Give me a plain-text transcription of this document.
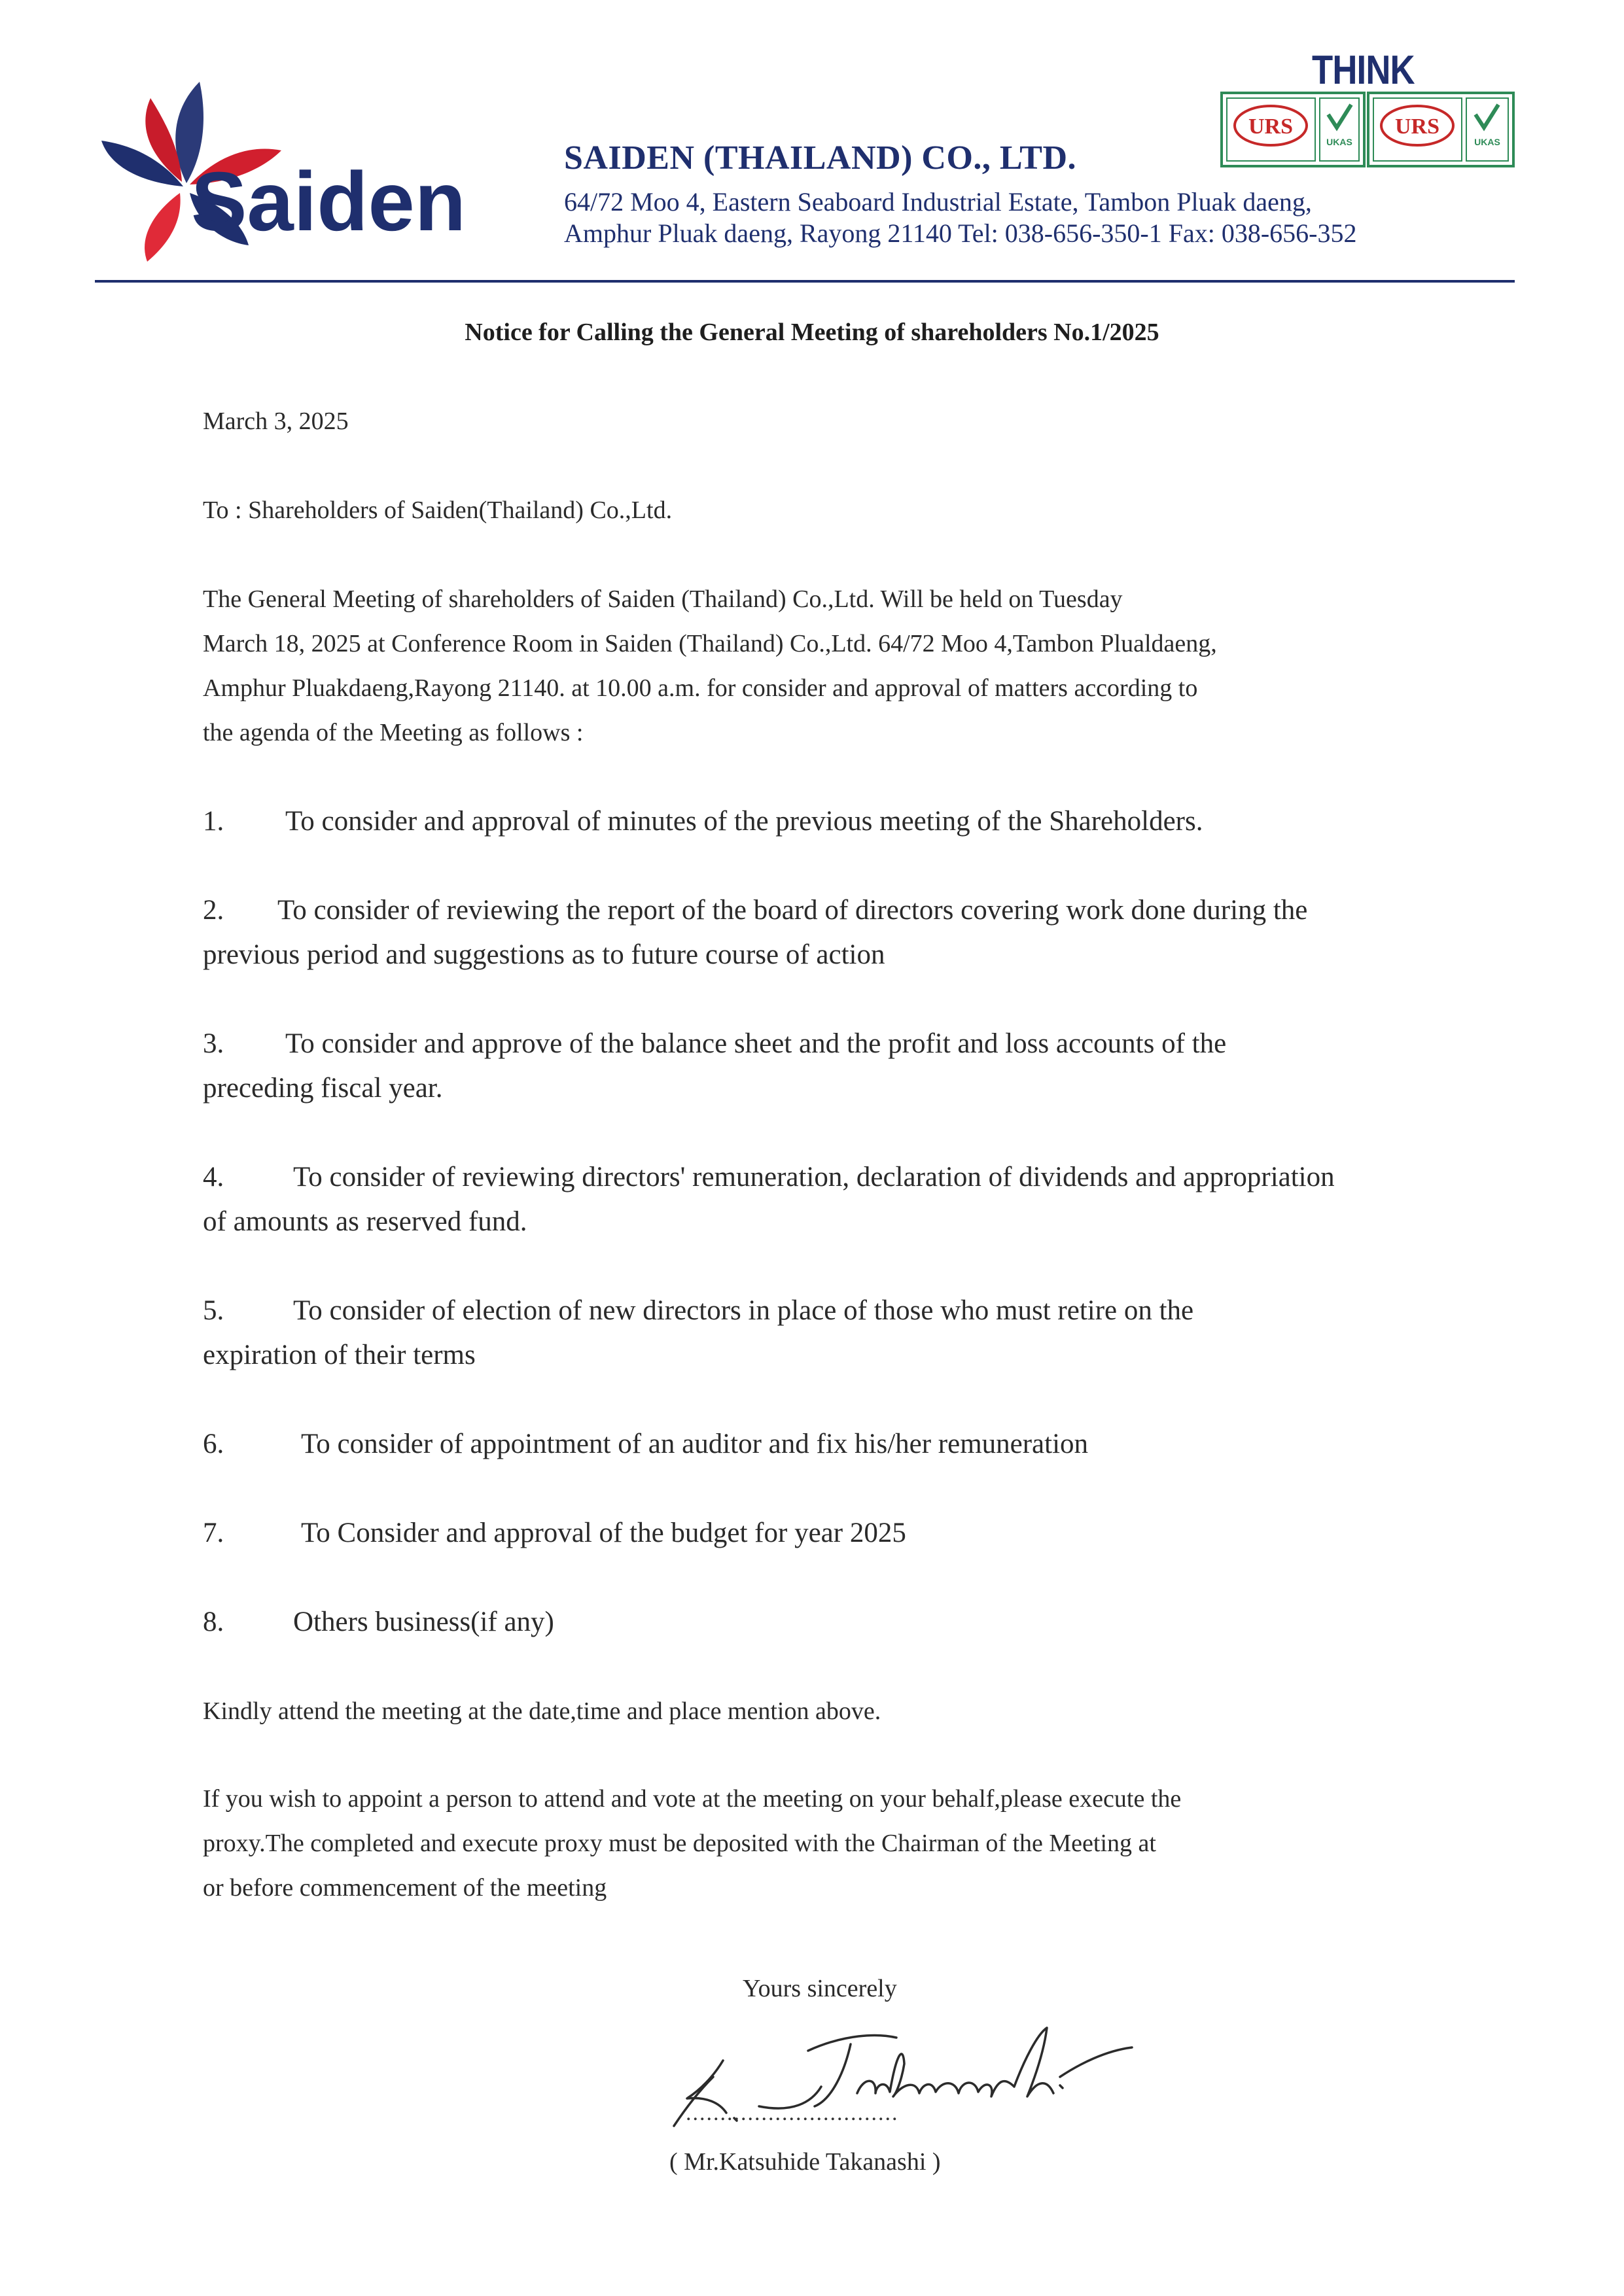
Saiden	SAIDEN (THAILAND) CO., LTD.
64/72 Moo 4, Eastern Seaboard Industrial Estate, Tambon Pluak daeng,
Amphur Pluak daeng, Rayong 21140 Tel: 038-656-350-1 Fax: 038-656-352
THINK
URS
UKAS
URS
UKAS
Notice for Calling the General Meeting of shareholders No.1/2025
March 3, 2025
To : Shareholders of Saiden(Thailand) Co.,Ltd.
The General Meeting of shareholders of Saiden (Thailand) Co.,Ltd. Will be held on Tuesday
March 18, 2025 at Conference Room in Saiden (Thailand) Co.,Ltd. 64/72 Moo 4,Tambon Plualdaeng,
Amphur Pluakdaeng,Rayong 21140. at 10.00 a.m. for consider and approval of matters according to
the agenda of the Meeting as follows :
1. To consider and approval of minutes of the previous meeting of the Shareholders.
2. To consider of reviewing the report of the board of directors covering work done during the
previous period and suggestions as to future course of action
3. To consider and approve of the balance sheet and the profit and loss accounts of the
preceding fiscal year.
4. To consider of reviewing directors' remuneration, declaration of dividends and appropriation
of amounts as reserved fund.
5. To consider of election of new directors in place of those who must retire on the
expiration of their terms
6.	To consider of appointment of an auditor and fix his/her remuneration
7.	To Consider and approval of the budget for year 2025
8. Others business(if any)
Kindly attend the meeting at the date,time and place mention above.
If you wish to appoint a person to attend and vote at the meeting on your behalf,please execute the
proxy.The completed and execute proxy must be deposited with the Chairman of the Meeting at
or before commencement of the meeting
Yours sincerely
...............................
( Mr.Katsuhide Takanashi )
